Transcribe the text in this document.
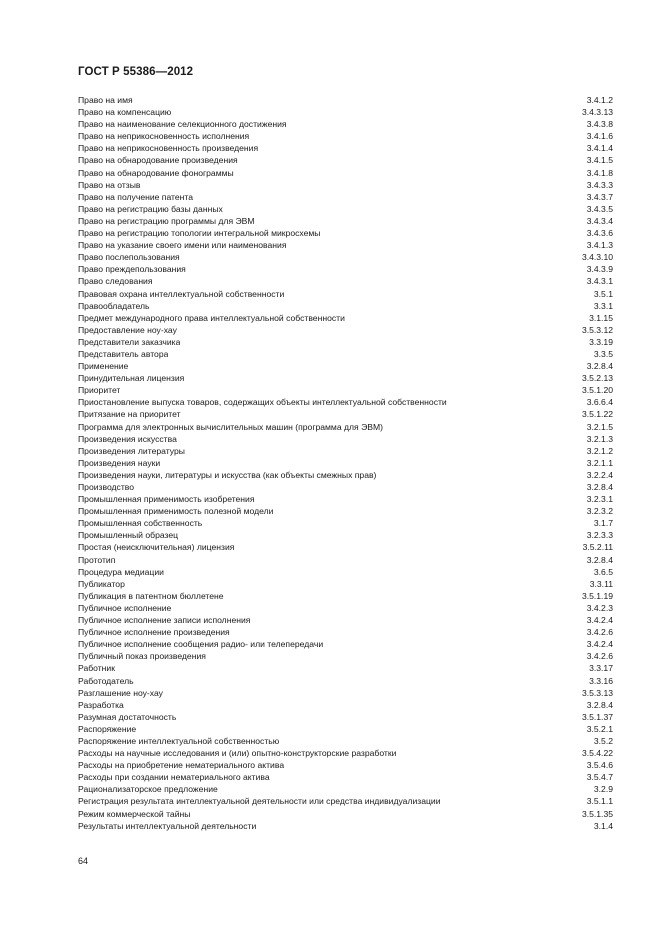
ГОСТ Р 55386—2012
Право на имя	3.4.1.2
Право на компенсацию	3.4.3.13
Право на наименование селекционного достижения	3.4.3.8
Право на неприкосновенность исполнения	3.4.1.6
Право на неприкосновенность произведения	3.4.1.4
Право на обнародование произведения	3.4.1.5
Право на обнародование фонограммы	3.4.1.8
Право на отзыв	3.4.3.3
Право на получение патента	3.4.3.7
Право на регистрацию базы данных	3.4.3.5
Право на регистрацию программы для ЭВМ	3.4.3.4
Право на регистрацию топологии интегральной микросхемы	3.4.3.6
Право на указание своего имени или наименования	3.4.1.3
Право послепользования	3.4.3.10
Право преждепользования	3.4.3.9
Право следования	3.4.3.1
Правовая охрана интеллектуальной собственности	3.5.1
Правообладатель	3.3.1
Предмет международного права интеллектуальной собственности	3.1.15
Предоставление ноу-хау	3.5.3.12
Представители заказчика	3.3.19
Представитель автора	3.3.5
Применение	3.2.8.4
Принудительная лицензия	3.5.2.13
Приоритет	3.5.1.20
Приостановление выпуска товаров, содержащих объекты интеллектуальной собственности	3.6.6.4
Притязание на приоритет	3.5.1.22
Программа для электронных вычислительных машин (программа для ЭВМ)	3.2.1.5
Произведения искусства	3.2.1.3
Произведения литературы	3.2.1.2
Произведения науки	3.2.1.1
Произведения науки, литературы и искусства (как объекты смежных прав)	3.2.2.4
Производство	3.2.8.4
Промышленная применимость изобретения	3.2.3.1
Промышленная применимость полезной модели	3.2.3.2
Промышленная собственность	3.1.7
Промышленный образец	3.2.3.3
Простая (неисключительная) лицензия	3.5.2.11
Прототип	3.2.8.4
Процедура медиации	3.6.5
Публикатор	3.3.11
Публикация в патентном бюллетене	3.5.1.19
Публичное исполнение	3.4.2.3
Публичное исполнение записи исполнения	3.4.2.4
Публичное исполнение произведения	3.4.2.6
Публичное исполнение сообщения радио- или телепередачи	3.4.2.4
Публичный показ произведения	3.4.2.6
Работник	3.3.17
Работодатель	3.3.16
Разглашение ноу-хау	3.5.3.13
Разработка	3.2.8.4
Разумная достаточность	3.5.1.37
Распоряжение	3.5.2.1
Распоряжение интеллектуальной собственностью	3.5.2
Расходы на научные исследования и (или) опытно-конструкторские разработки	3.5.4.22
Расходы на приобретение нематериального актива	3.5.4.6
Расходы при создании нематериального актива	3.5.4.7
Рационализаторское предложение	3.2.9
Регистрация результата интеллектуальной деятельности или средства индивидуализации	3.5.1.1
Режим коммерческой тайны	3.5.1.35
Результаты интеллектуальной деятельности	3.1.4
64
